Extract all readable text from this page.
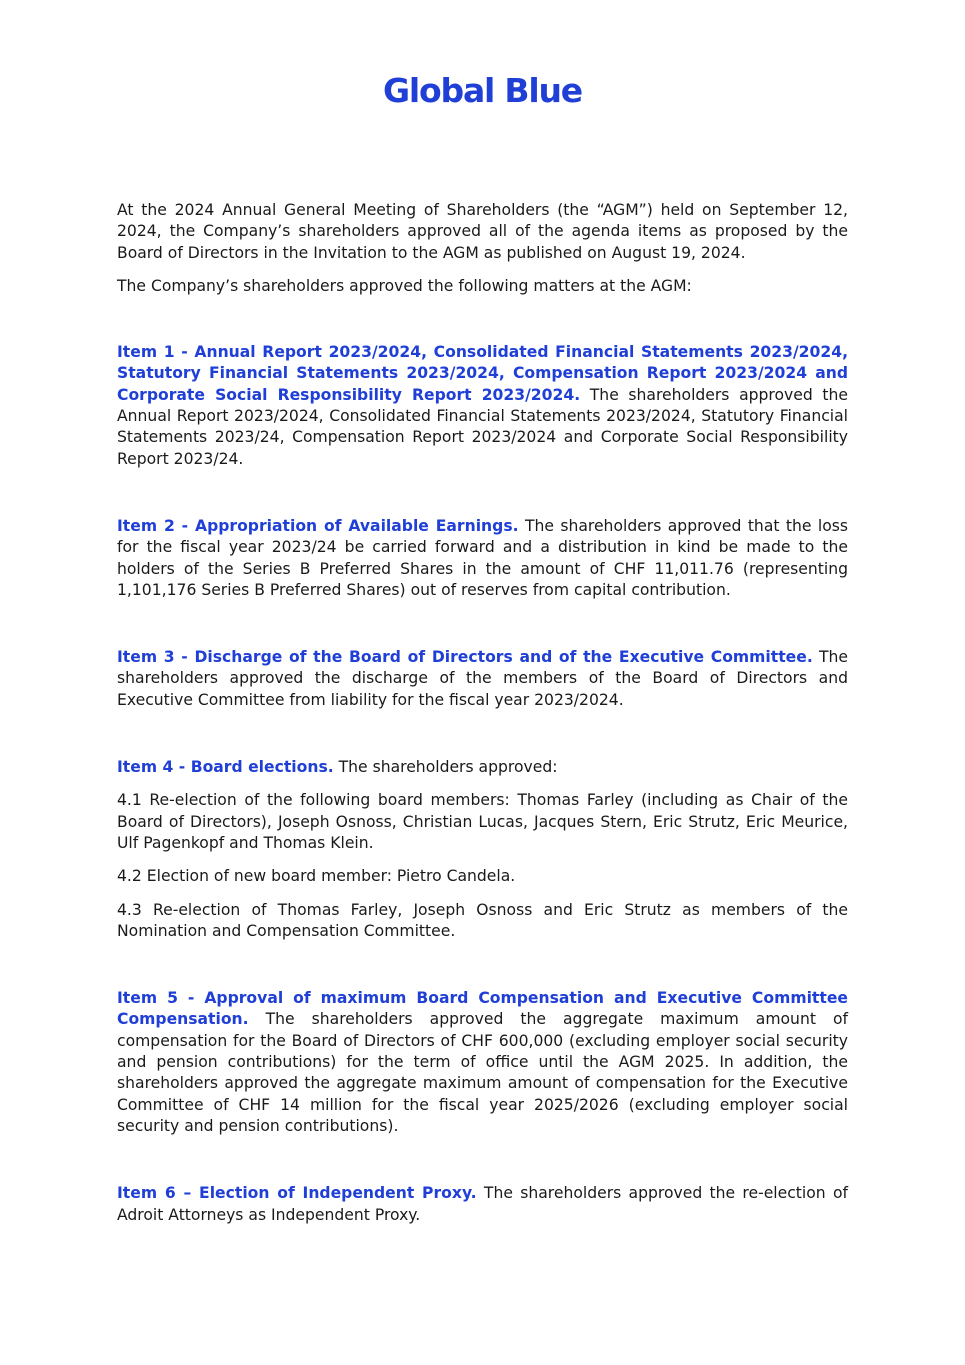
Global Blue

At the 2024 Annual General Meeting of Shareholders (the “AGM”) held on September 12, 2024, the Company’s shareholders approved all of the agenda items as proposed by the Board of Directors in the Invitation to the AGM as published on August 19, 2024.

The Company’s shareholders approved the following matters at the AGM:

Item 1 - Annual Report 2023/2024, Consolidated Financial Statements 2023/2024, Statutory Financial Statements 2023/2024, Compensation Report 2023/2024 and Corporate Social Responsibility Report 2023/2024. The shareholders approved the Annual Report 2023/2024, Consolidated Financial Statements 2023/2024, Statutory Financial Statements 2023/24, Compensation Report 2023/2024 and Corporate Social Responsibility Report 2023/24.

Item 2 - Appropriation of Available Earnings. The shareholders approved that the loss for the fiscal year 2023/24 be carried forward and a distribution in kind be made to the holders of the Series B Preferred Shares in the amount of CHF 11,011.76 (representing 1,101,176 Series B Preferred Shares) out of reserves from capital contribution.

Item 3 - Discharge of the Board of Directors and of the Executive Committee. The shareholders approved the discharge of the members of the Board of Directors and Executive Committee from liability for the fiscal year 2023/2024.

Item 4 - Board elections. The shareholders approved:

4.1 Re-election of the following board members: Thomas Farley (including as Chair of the Board of Directors), Joseph Osnoss, Christian Lucas, Jacques Stern, Eric Strutz, Eric Meurice, Ulf Pagenkopf and Thomas Klein.

4.2 Election of new board member: Pietro Candela.

4.3 Re-election of Thomas Farley, Joseph Osnoss and Eric Strutz as members of the Nomination and Compensation Committee.

Item 5 - Approval of maximum Board Compensation and Executive Committee Compensation. The shareholders approved the aggregate maximum amount of compensation for the Board of Directors of CHF 600,000 (excluding employer social security and pension contributions) for the term of office until the AGM 2025. In addition, the shareholders approved the aggregate maximum amount of compensation for the Executive Committee of CHF 14 million for the fiscal year 2025/2026 (excluding employer social security and pension contributions).

Item 6 – Election of Independent Proxy. The shareholders approved the re-election of Adroit Attorneys as Independent Proxy.
